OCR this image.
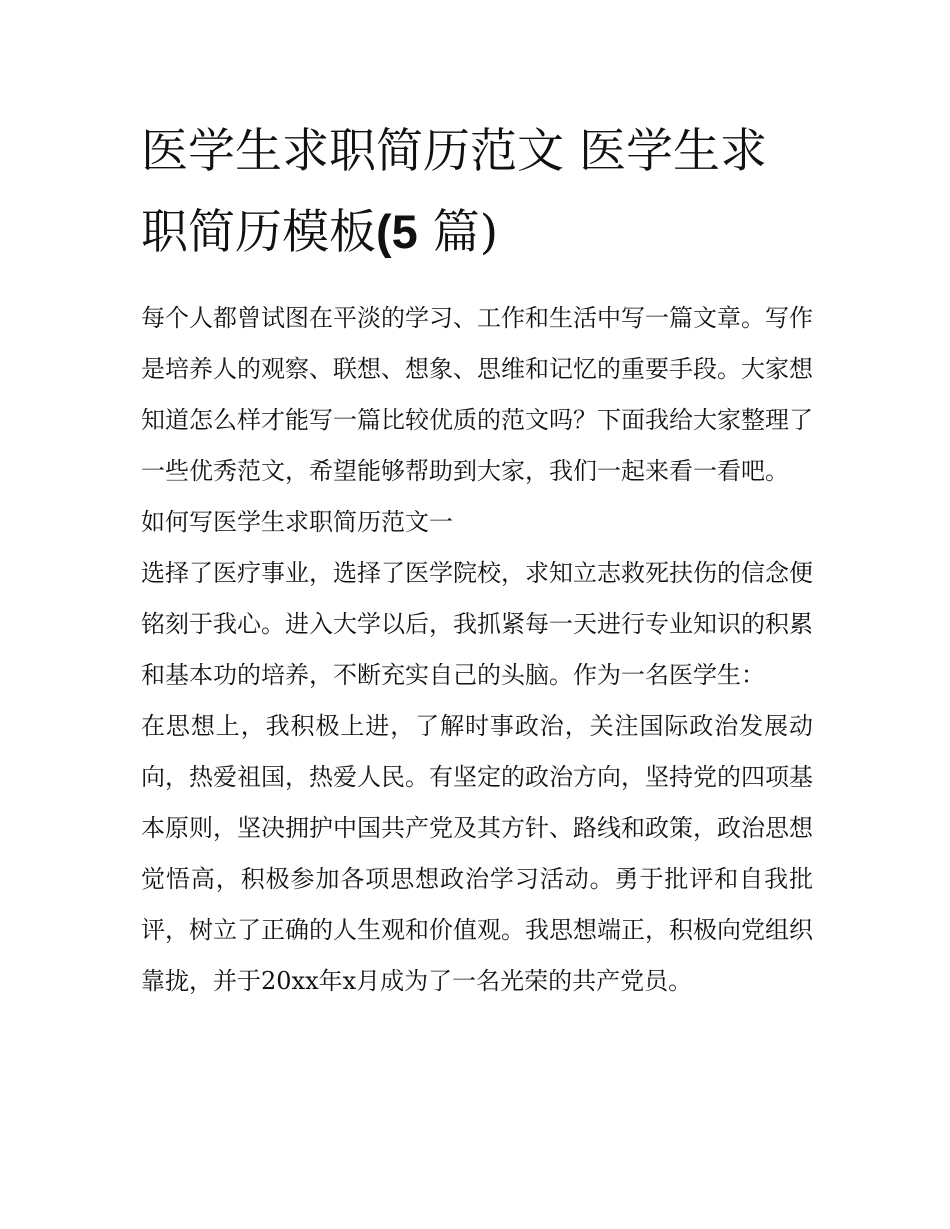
医学生求职简历范文 医学生求职简历模板(5 篇)

每个人都曾试图在平淡的学习、工作和生活中写一篇文章。写作是培养人的观察、联想、想象、思维和记忆的重要手段。大家想知道怎么样才能写一篇比较优质的范文吗？下面我给大家整理了一些优秀范文，希望能够帮助到大家，我们一起来看一看吧。

如何写医学生求职简历范文一

选择了医疗事业，选择了医学院校，求知立志救死扶伤的信念便铭刻于我心。进入大学以后，我抓紧每一天进行专业知识的积累和基本功的培养，不断充实自己的头脑。作为一名医学生：

在思想上，我积极上进，了解时事政治，关注国际政治发展动向，热爱祖国，热爱人民。有坚定的政治方向，坚持党的四项基本原则，坚决拥护中国共产党及其方针、路线和政策，政治思想觉悟高，积极参加各项思想政治学习活动。勇于批评和自我批评，树立了正确的人生观和价值观。我思想端正，积极向党组织靠拢，并于20xx年x月成为了一名光荣的共产党员。
